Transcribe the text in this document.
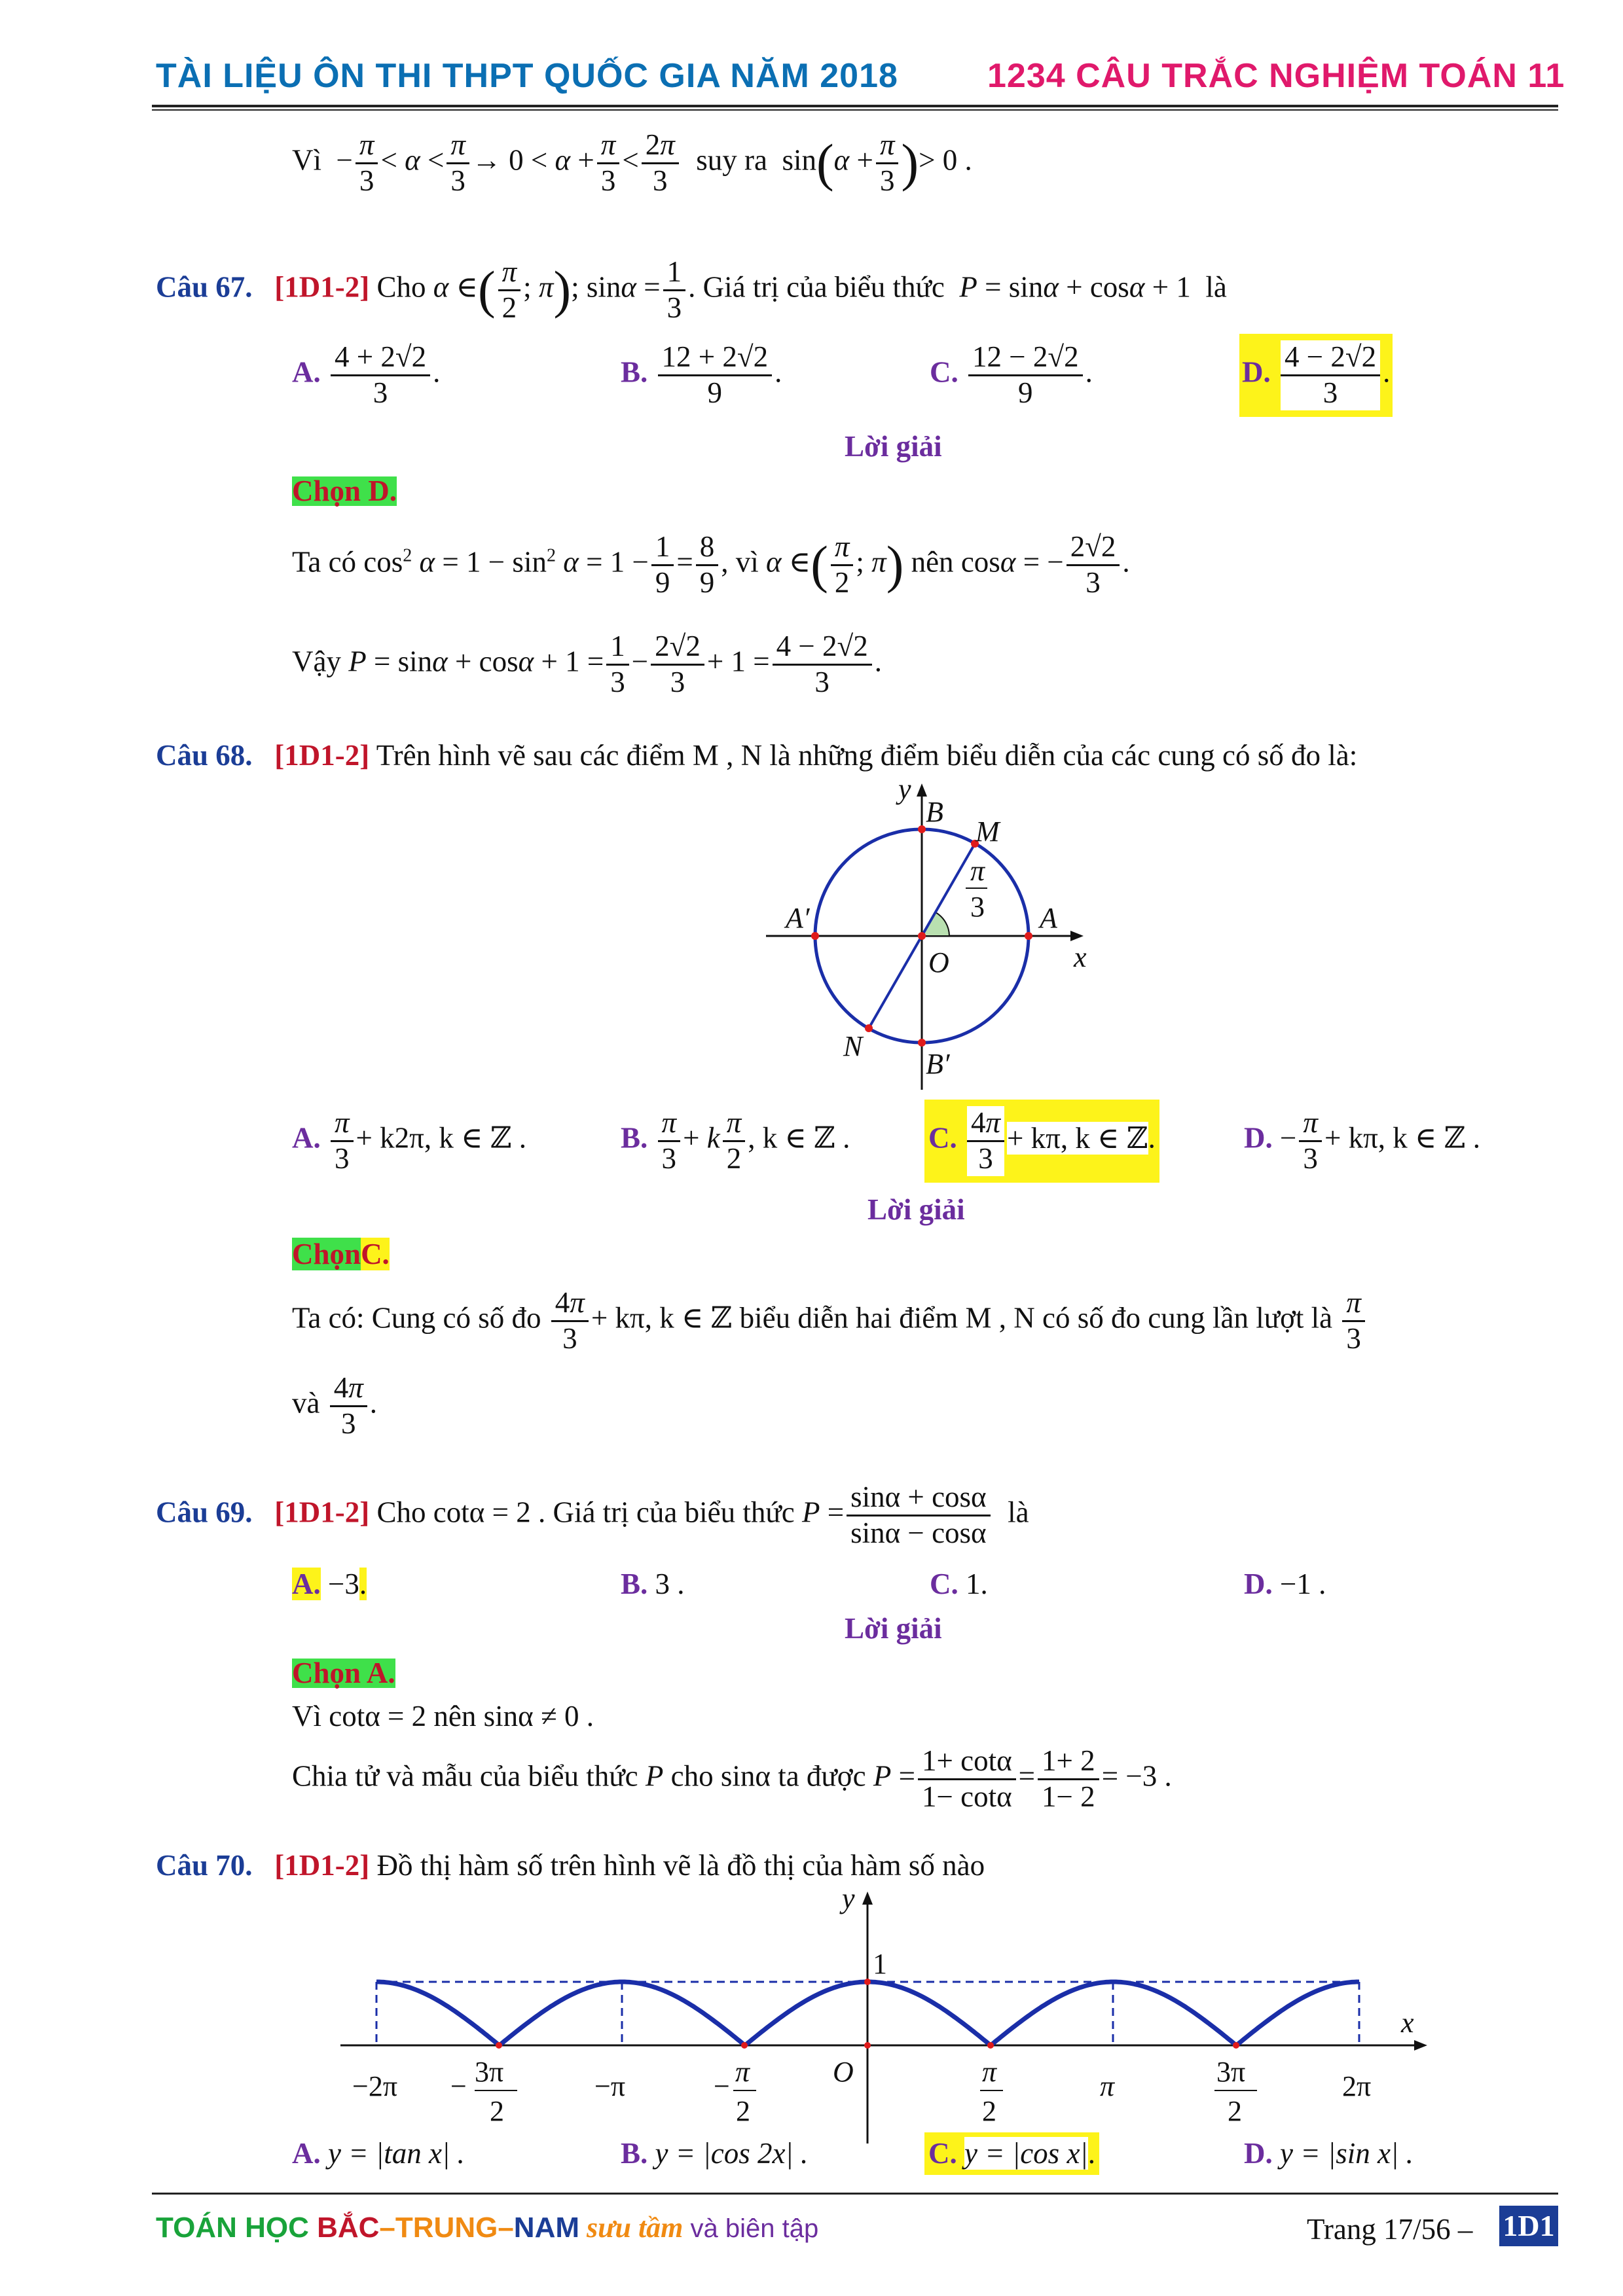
TÀI LIỆU ÔN THI THPT QUỐC GIA NĂM 2018	1234 CÂU TRẮC NGHIỆM TOÁN 11
Vì  − $\frac{\pi}{3} < \alpha < \frac{\pi}{3} \to 0 < \alpha + \frac{\pi}{3} < \frac{2\pi}{3}$ suy ra  $\sin(\alpha + \frac{\pi}{3}$ )> 0 .
Câu 67. [1D1-2] Cho α ∈( $\frac{\pi}{2}$ ; π); $\sin\alpha = \frac{1}{3}$ . Giá trị của biểu thức P = sinα + cosα + 1  là
A. $\frac{4 + 2√2}{3}$ .	B. $\frac{12 + 2√2}{9}$ .	C. $\frac{12 - 2√2}{9}$ .	D. $\frac{4 - 2√2}{3}$ .
Lời giải
Chọn D.
Ta có $\cos^2 \alpha = 1 - \sin^2 \alpha = 1 - \frac{1}{9} = \frac{8}{9}$ , vì α ∈( $\frac{\pi}{2}$ ; π) nên cosα = − $\frac{2√2}{3}$ .
Vậy $P = \sin\alpha + \cos\alpha + 1 = \frac{1}{3} - \frac{2√2}{3} + 1 = \frac{4 - 2√2}{3}$ .
Câu 68. [1D1-2] Trên hình vẽ sau các điểm M , N là những điểm biểu diễn của các cung có số đo là:
y
x
B
M
A′	A
O
N
B′
π
3
A. $\frac{\pi}{3} + k2\pi$, k ∈ ℤ .	B. $\frac{\pi}{3} + k \frac{\pi}{2}$ , k ∈ ℤ .	C. $\frac{4\pi}{3} + k\pi$, k ∈ ℤ.	D. − $\frac{\pi}{3} + k\pi$, k ∈ ℤ .
Lời giải
ChọnC.
Ta có: Cung có số đo $\frac{4\pi}{3} + k\pi$, k ∈ ℤ biểu diễn hai điểm M , N có số đo cung lần lượt là $\frac{\pi}{3}$
và $\frac{4\pi}{3}$ .
Câu 69. [1D1-2] Cho cotα = 2 . Giá trị của biểu thức $P = \frac{\sin\alpha + \cos\alpha}{\sin\alpha - \cos\alpha}$ là
A. −3.	B. 3 .	C. 1.	D. −1 .
Lời giải
Chọn A.
Vì cotα = 2 nên sinα ≠ 0 .
Chia tử và mẫu của biểu thức P cho sinα ta được $P = \frac{1+ \cot\alpha}{1- \cot\alpha} = \frac{1+ 2}{1- 2} = -3$ .
Câu 70. [1D1-2] Đồ thị hàm số trên hình vẽ là đồ thị của hàm số nào
y
x
1
O
−2π	−π	π	2π
− 3π
2
− π
2
π
2
3π
2
A. y = |tan x| .	B. y = |cos 2x| .	C. y = |cos x|.	D. y = |sin x| .
TOÁN HỌC BẮC–TRUNG–NAM sưu tầm và biên tập	Trang 17/56 – 1D1
